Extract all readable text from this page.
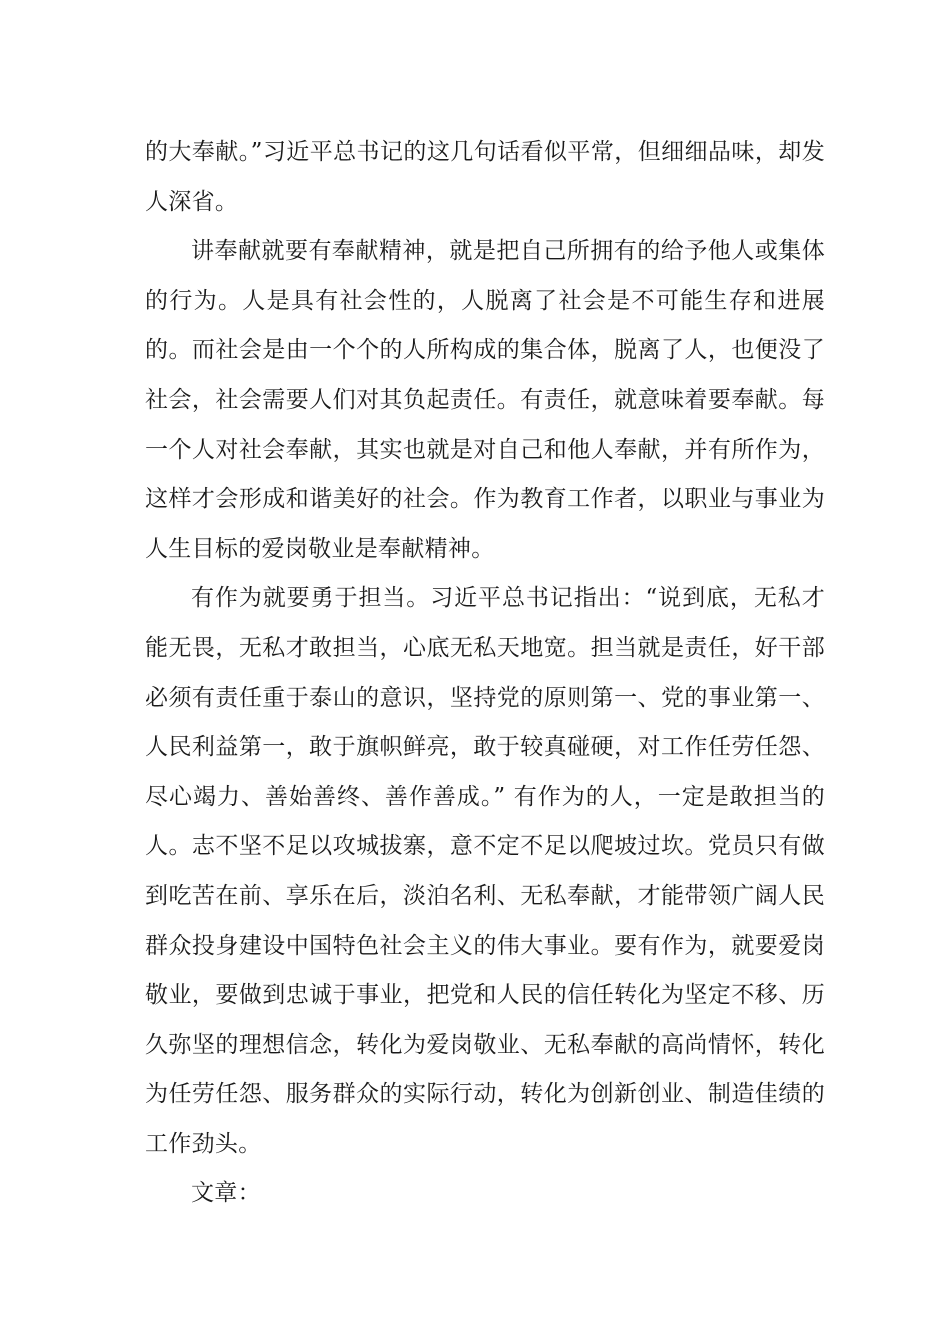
的大奉献。”习近平总书记的这几句话看似平常，但细细品味，却发人深省。

讲奉献就要有奉献精神，就是把自己所拥有的给予他人或集体的行为。人是具有社会性的，人脱离了社会是不可能生存和进展的。而社会是由一个个的人所构成的集合体，脱离了人，也便没了社会，社会需要人们对其负起责任。有责任，就意味着要奉献。每一个人对社会奉献，其实也就是对自己和他人奉献，并有所作为，这样才会形成和谐美好的社会。作为教育工作者，以职业与事业为人生目标的爱岗敬业是奉献精神。

有作为就要勇于担当。习近平总书记指出：“说到底，无私才能无畏，无私才敢担当，心底无私天地宽。担当就是责任，好干部必须有责任重于泰山的意识，坚持党的原则第一、党的事业第一、人民利益第一，敢于旗帜鲜亮，敢于较真碰硬，对工作任劳任怨、尽心竭力、善始善终、善作善成。” 有作为的人，一定是敢担当的人。志不坚不足以攻城拔寨，意不定不足以爬坡过坎。党员只有做到吃苦在前、享乐在后，淡泊名利、无私奉献，才能带领广阔人民群众投身建设中国特色社会主义的伟大事业。要有作为，就要爱岗敬业，要做到忠诚于事业，把党和人民的信任转化为坚定不移、历久弥坚的理想信念，转化为爱岗敬业、无私奉献的高尚情怀，转化为任劳任怨、服务群众的实际行动，转化为创新创业、制造佳绩的工作劲头。

文章：
